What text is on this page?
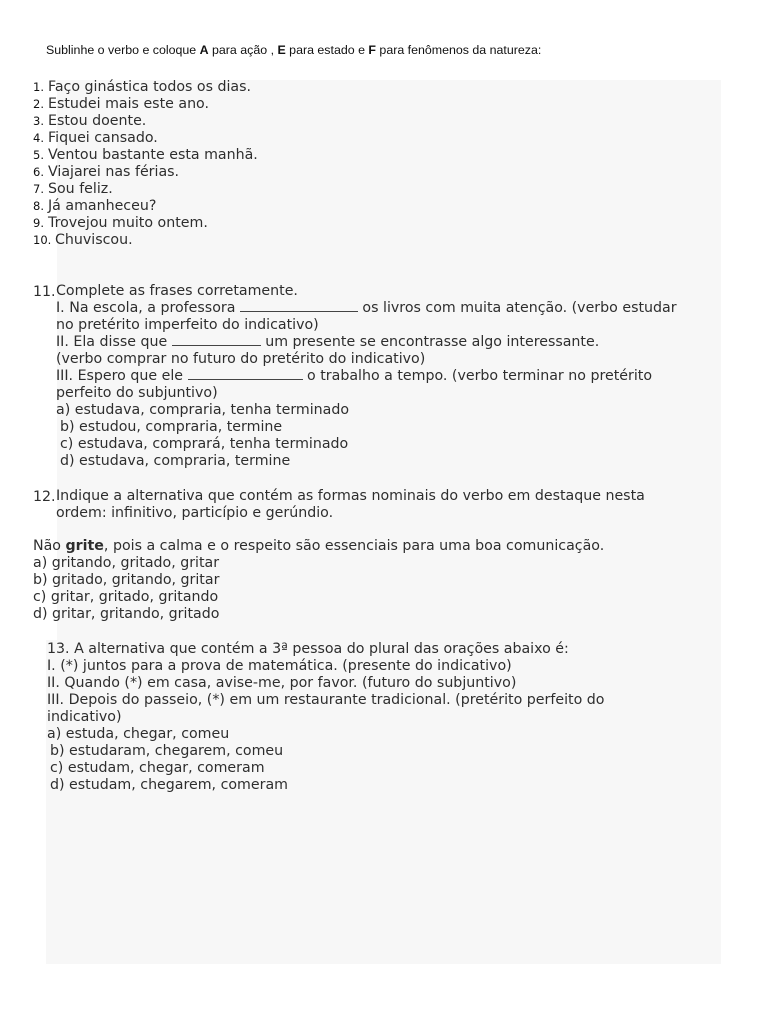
Sublinhe o verbo e coloque A para ação , E para estado e F para fenômenos da natureza:
1. Faço ginástica todos os dias.
2. Estudei mais este ano.
3. Estou doente.
4. Fiquei cansado.
5. Ventou bastante esta manhã.
6. Viajarei nas férias.
7. Sou feliz.
8. Já amanheceu?
9. Trovejou muito ontem.
10. Chuviscou.
11. Complete as frases corretamente.
I. Na escola, a professora	os livros com muita atenção. (verbo estudar
no pretérito imperfeito do indicativo)
II. Ela disse que	um presente se encontrasse algo interessante.
(verbo comprar no futuro do pretérito do indicativo)
III. Espero que ele	o trabalho a tempo. (verbo terminar no pretérito
perfeito do subjuntivo)
a) estudava, compraria, tenha terminado
b) estudou, compraria, termine
c) estudava, comprará, tenha terminado
d) estudava, compraria, termine
12. Indique a alternativa que contém as formas nominais do verbo em destaque nesta
ordem: infinitivo, particípio e gerúndio.
Não grite, pois a calma e o respeito são essenciais para uma boa comunicação.
a) gritando, gritado, gritar
b) gritado, gritando, gritar
c) gritar, gritado, gritando
d) gritar, gritando, gritado
13. A alternativa que contém a 3ª pessoa do plural das orações abaixo é:
I. (*) juntos para a prova de matemática. (presente do indicativo)
II. Quando (*) em casa, avise-me, por favor. (futuro do subjuntivo)
III. Depois do passeio, (*) em um restaurante tradicional. (pretérito perfeito do
indicativo)
a) estuda, chegar, comeu
b) estudaram, chegarem, comeu
c) estudam, chegar, comeram
d) estudam, chegarem, comeram
